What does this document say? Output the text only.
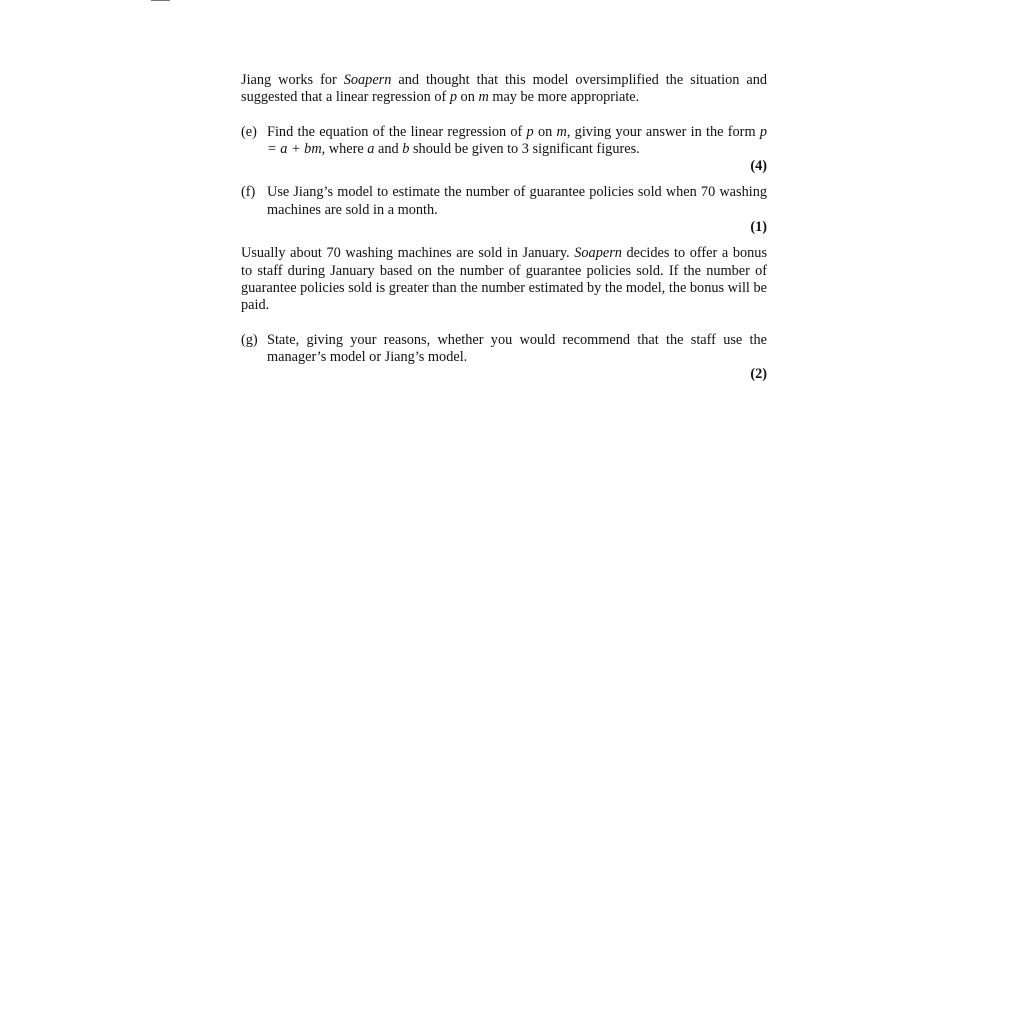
Jiang works for Soapern and thought that this model oversimplified the situation and suggested that a linear regression of p on m may be more appropriate.

(e) Find the equation of the linear regression of p on m, giving your answer in the form p = a + bm, where a and b should be given to 3 significant figures.
(4)
(f) Use Jiang’s model to estimate the number of guarantee policies sold when 70 washing machines are sold in a month.
(1)

Usually about 70 washing machines are sold in January. Soapern decides to offer a bonus to staff during January based on the number of guarantee policies sold. If the number of guarantee policies sold is greater than the number estimated by the model, the bonus will be paid.

(g) State, giving your reasons, whether you would recommend that the staff use the manager’s model or Jiang’s model.
(2)
